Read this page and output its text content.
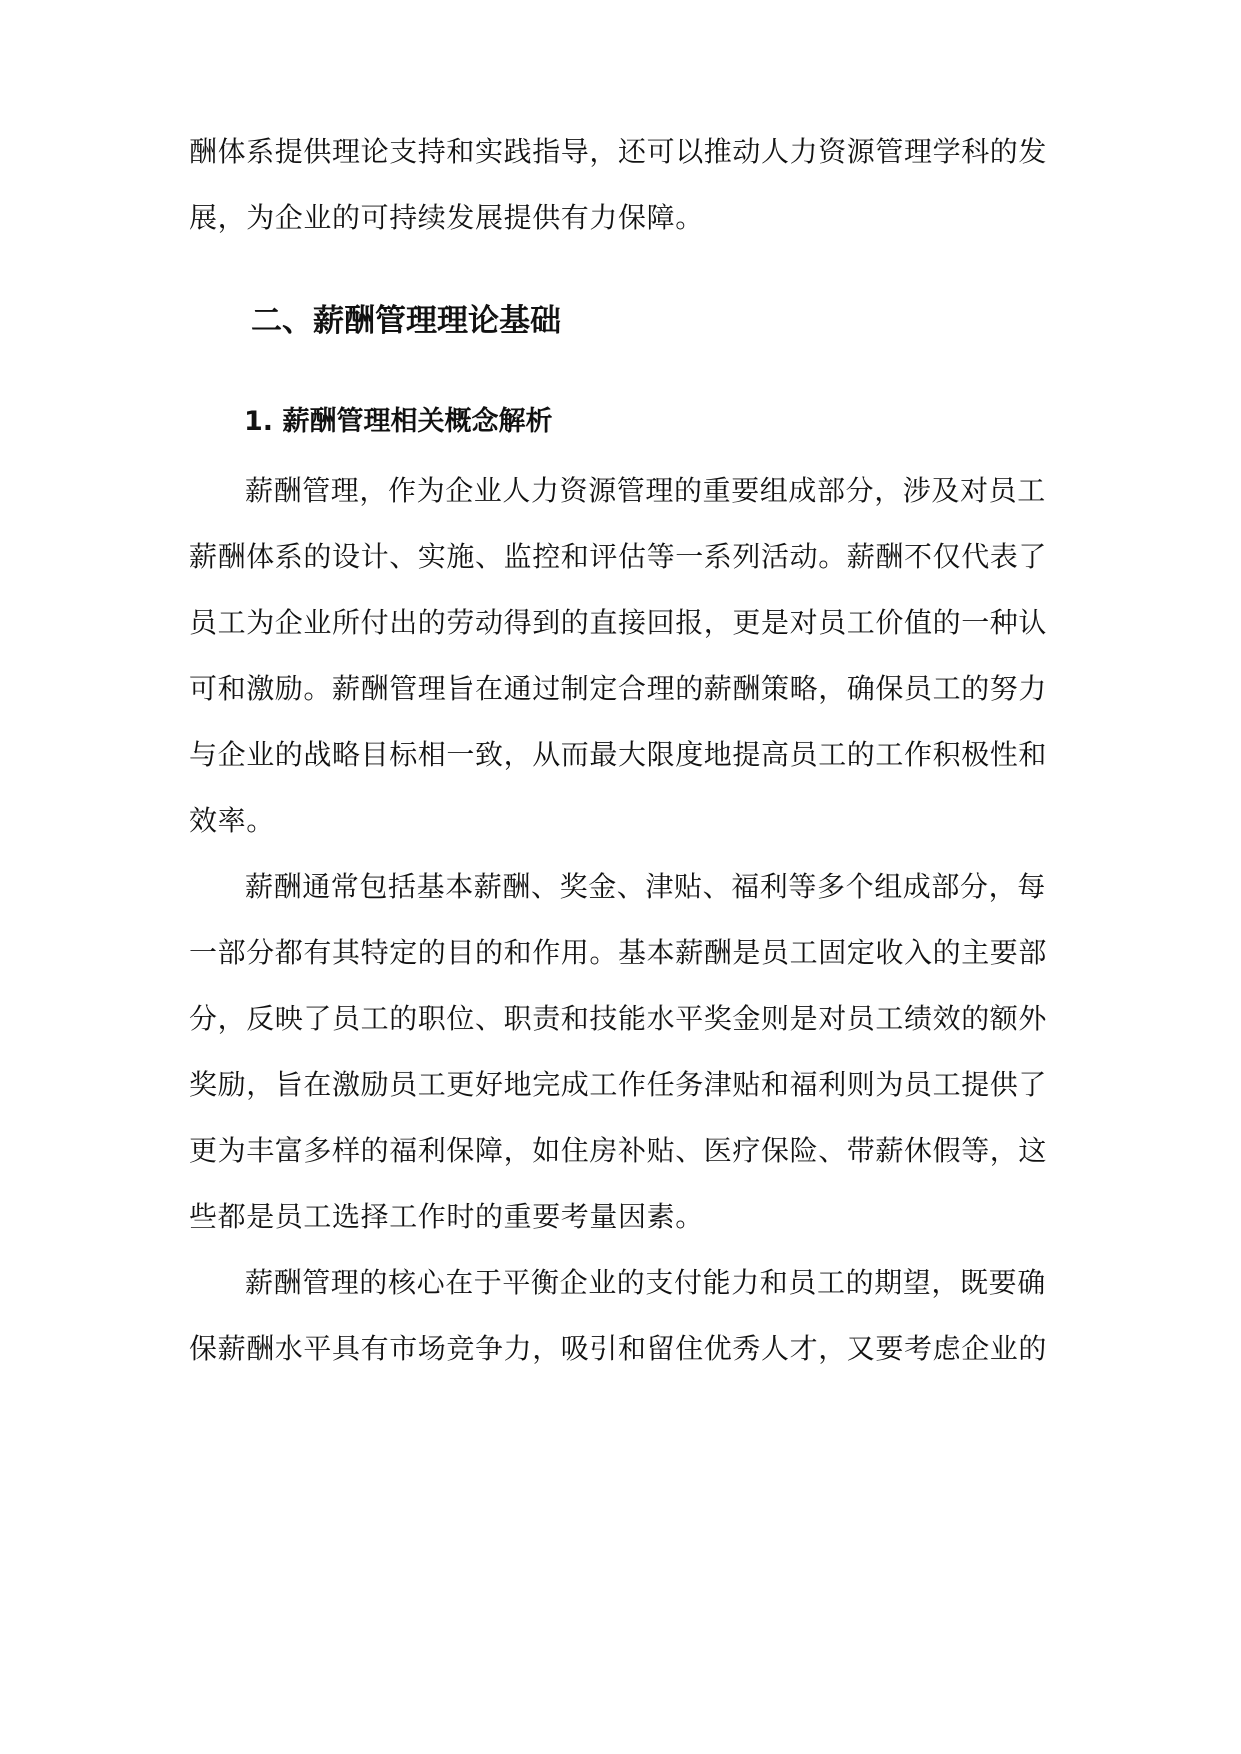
酬体系提供理论支持和实践指导，还可以推动人力资源管理学科的发
展，为企业的可持续发展提供有力保障。
二、薪酬管理理论基础
1. 薪酬管理相关概念解析
薪酬管理，作为企业人力资源管理的重要组成部分，涉及对员工
薪酬体系的设计、实施、监控和评估等一系列活动。薪酬不仅代表了
员工为企业所付出的劳动得到的直接回报，更是对员工价值的一种认
可和激励。薪酬管理旨在通过制定合理的薪酬策略，确保员工的努力
与企业的战略目标相一致，从而最大限度地提高员工的工作积极性和
效率。
薪酬通常包括基本薪酬、奖金、津贴、福利等多个组成部分，每
一部分都有其特定的目的和作用。基本薪酬是员工固定收入的主要部
分，反映了员工的职位、职责和技能水平奖金则是对员工绩效的额外
奖励，旨在激励员工更好地完成工作任务津贴和福利则为员工提供了
更为丰富多样的福利保障，如住房补贴、医疗保险、带薪休假等，这
些都是员工选择工作时的重要考量因素。
薪酬管理的核心在于平衡企业的支付能力和员工的期望，既要确
保薪酬水平具有市场竞争力，吸引和留住优秀人才，又要考虑企业的
